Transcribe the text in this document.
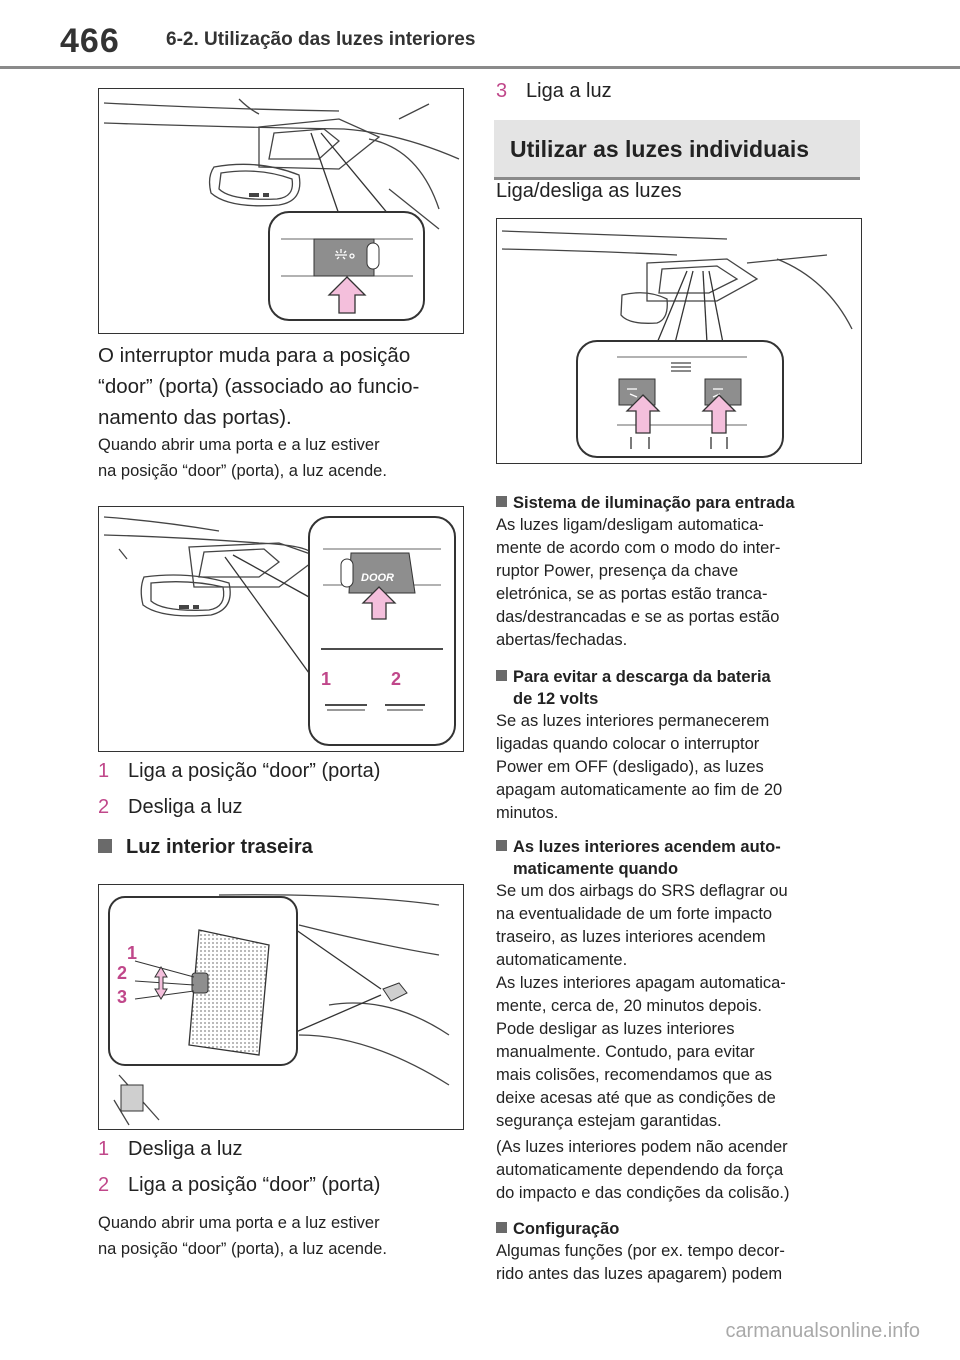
466 6-2. Utilização das luzes interiores
O interruptor muda para a posição
“door” (porta) (associado ao funcio-
namento das portas).
Quando abrir uma porta e a luz estiver
na posição “door” (porta), a luz acende.
DOOR
1	2
1 Liga a posição “door” (porta)
2 Desliga a luz
Luz interior traseira
1
2
3
1 Desliga a luz
2 Liga a posição “door” (porta)
Quando abrir uma porta e a luz estiver
na posição “door” (porta), a luz acende.
3 Liga a luz
Utilizar as luzes individuais
Liga/desliga as luzes
Sistema de iluminação para entrada
As luzes ligam/desligam automatica-
mente de acordo com o modo do inter-
ruptor Power, presença da chave
eletrónica, se as portas estão tranca-
das/destrancadas e se as portas estão
abertas/fechadas.
Para evitar a descarga da bateria
de 12 volts
Se as luzes interiores permanecerem
ligadas quando colocar o interruptor
Power em OFF (desligado), as luzes
apagam automaticamente ao fim de 20
minutos.
As luzes interiores acendem auto-
maticamente quando
Se um dos airbags do SRS deflagrar ou
na eventualidade de um forte impacto
traseiro, as luzes interiores acendem
automaticamente.
As luzes interiores apagam automatica-
mente, cerca de, 20 minutos depois.
Pode desligar as luzes interiores
manualmente. Contudo, para evitar
mais colisões, recomendamos que as
deixe acesas até que as condições de
segurança estejam garantidas.
(As luzes interiores podem não acender
automaticamente dependendo da força
do impacto e das condições da colisão.)
Configuração
Algumas funções (por ex. tempo decor-
rido antes das luzes apagarem) podem
carmanualsonline.info
